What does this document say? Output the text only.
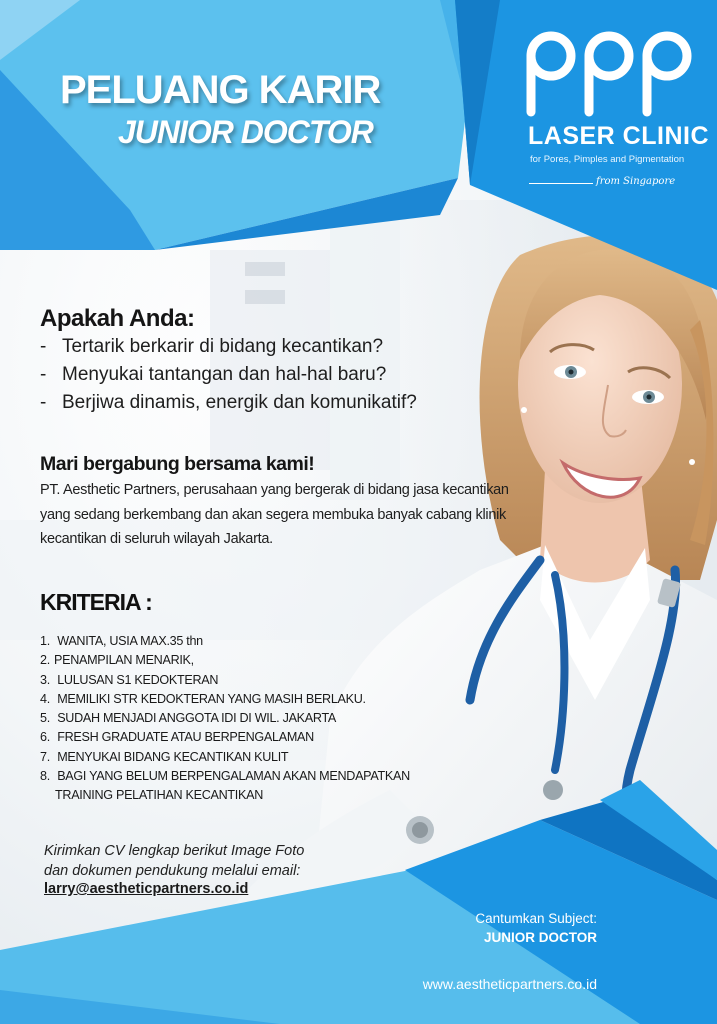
PELUANG KARIR
JUNIOR DOCTOR	LASER CLINIC
for Pores, Pimples and Pigmentation
from Singapore
Apakah Anda:
- Tertarik berkarir di bidang kecantikan?
- Menyukai tantangan dan hal-hal baru?
- Berjiwa dinamis, energik dan komunikatif?
Mari bergabung bersama kami!
PT. Aesthetic Partners, perusahaan yang bergerak di bidang jasa kecantikan yang sedang berkembang dan akan segera membuka banyak cabang klinik kecantikan di seluruh wilayah Jakarta.
KRITERIA :
1. WANITA, USIA MAX.35 thn
2. PENAMPILAN MENARIK,
3. LULUSAN S1 KEDOKTERAN
4. MEMILIKI STR KEDOKTERAN YANG MASIH BERLAKU.
5. SUDAH MENJADI ANGGOTA IDI DI WIL. JAKARTA
6. FRESH GRADUATE ATAU BERPENGALAMAN
7. MENYUKAI BIDANG KECANTIKAN KULIT
8. BAGI YANG BELUM BERPENGALAMAN AKAN MENDAPATKAN
TRAINING PELATIHAN KECANTIKAN
Kirimkan CV lengkap berikut Image Foto
dan dokumen pendukung melalui email:
larry@aestheticpartners.co.id
Cantumkan Subject:
JUNIOR DOCTOR
www.aestheticpartners.co.id
